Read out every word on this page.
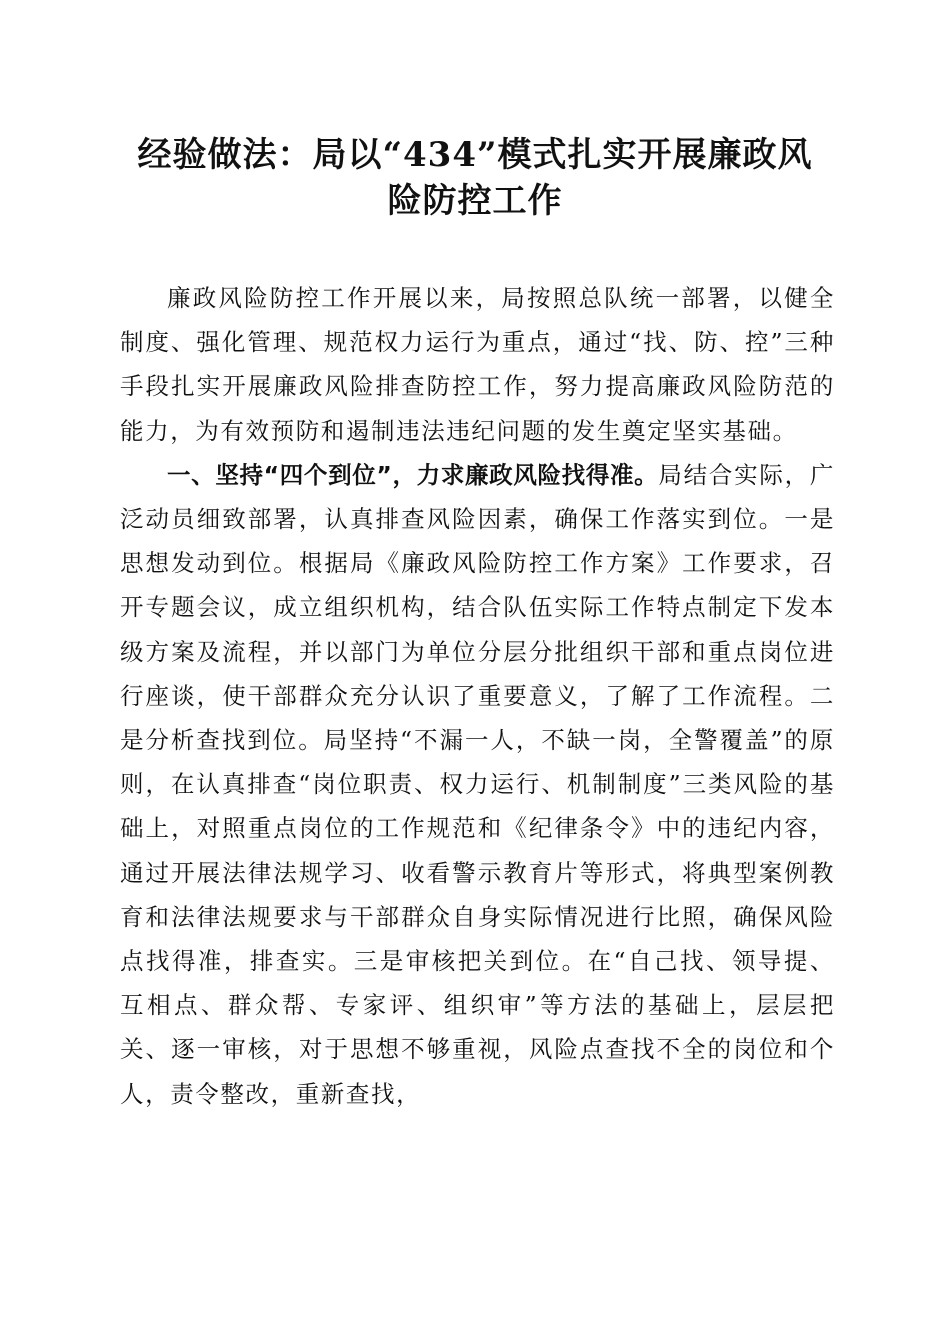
经验做法：局以“434”模式扎实开展廉政风
险防控工作

廉政风险防控工作开展以来，局按照总队统一部署，以健全制度、强化管理、规范权力运行为重点，通过“找、防、控”三种手段扎实开展廉政风险排查防控工作，努力提高廉政风险防范的能力，为有效预防和遏制违法违纪问题的发生奠定坚实基础。

一、坚持“四个到位”，力求廉政风险找得准。局结合实际，广泛动员细致部署，认真排查风险因素，确保工作落实到位。一是思想发动到位。根据局《廉政风险防控工作方案》工作要求，召开专题会议，成立组织机构，结合队伍实际工作特点制定下发本级方案及流程，并以部门为单位分层分批组织干部和重点岗位进行座谈，使干部群众充分认识了重要意义，了解了工作流程。二是分析查找到位。局坚持“不漏一人，不缺一岗，全警覆盖”的原则，在认真排查“岗位职责、权力运行、机制制度”三类风险的基础上，对照重点岗位的工作规范和《纪律条令》中的违纪内容，通过开展法律法规学习、收看警示教育片等形式，将典型案例教育和法律法规要求与干部群众自身实际情况进行比照，确保风险点找得准，排查实。三是审核把关到位。在“自己找、领导提、互相点、群众帮、专家评、组织审”等方法的基础上，层层把关、逐一审核，对于思想不够重视，风险点查找不全的岗位和个人，责令整改，重新查找，
